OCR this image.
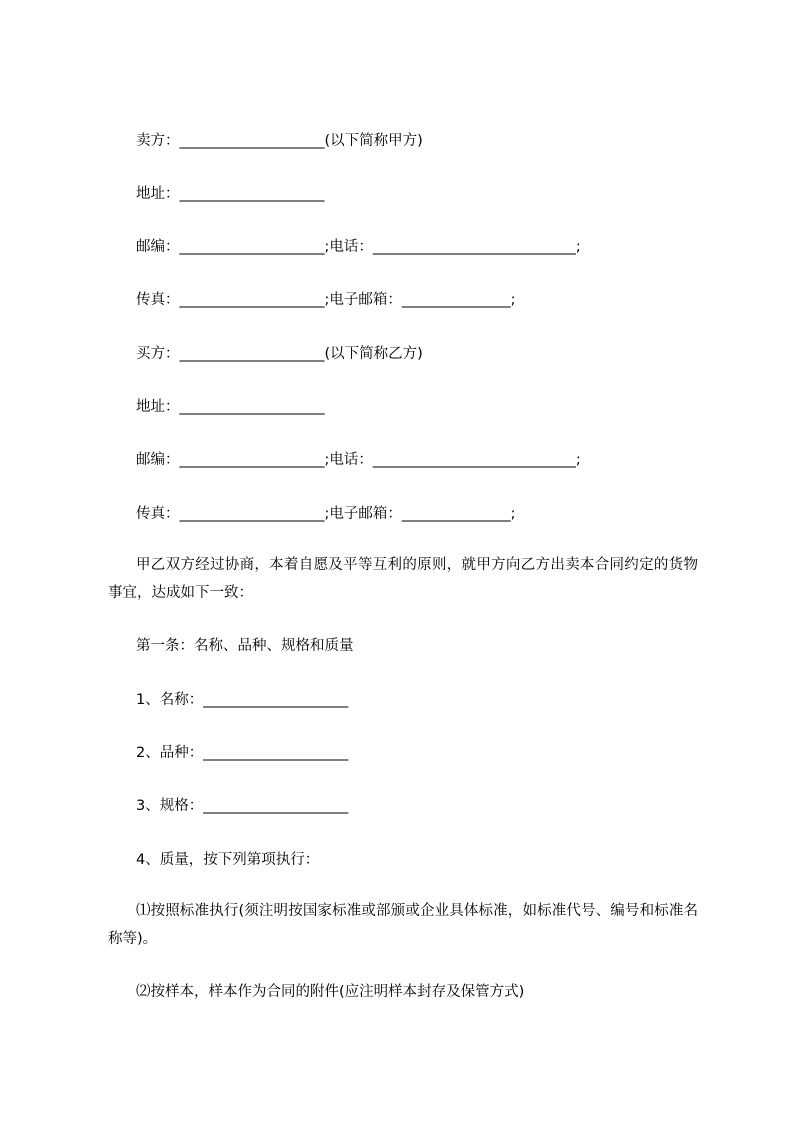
卖方：____________________(以下简称甲方)
地址：____________________
邮编：____________________;电话：____________________________;
传真：____________________;电子邮箱：_______________;
买方：____________________(以下简称乙方)
地址：____________________
邮编：____________________;电话：____________________________;
传真：____________________;电子邮箱：_______________;
甲乙双方经过协商，本着自愿及平等互利的原则，就甲方向乙方出卖本合同约定的货物事宜，达成如下一致：
第一条：名称、品种、规格和质量
1、名称：____________________
2、品种：____________________
3、规格：____________________
4、质量，按下列第项执行：
⑴按照标准执行(须注明按国家标准或部颁或企业具体标准，如标准代号、编号和标准名称等)。
⑵按样本，样本作为合同的附件(应注明样本封存及保管方式)
